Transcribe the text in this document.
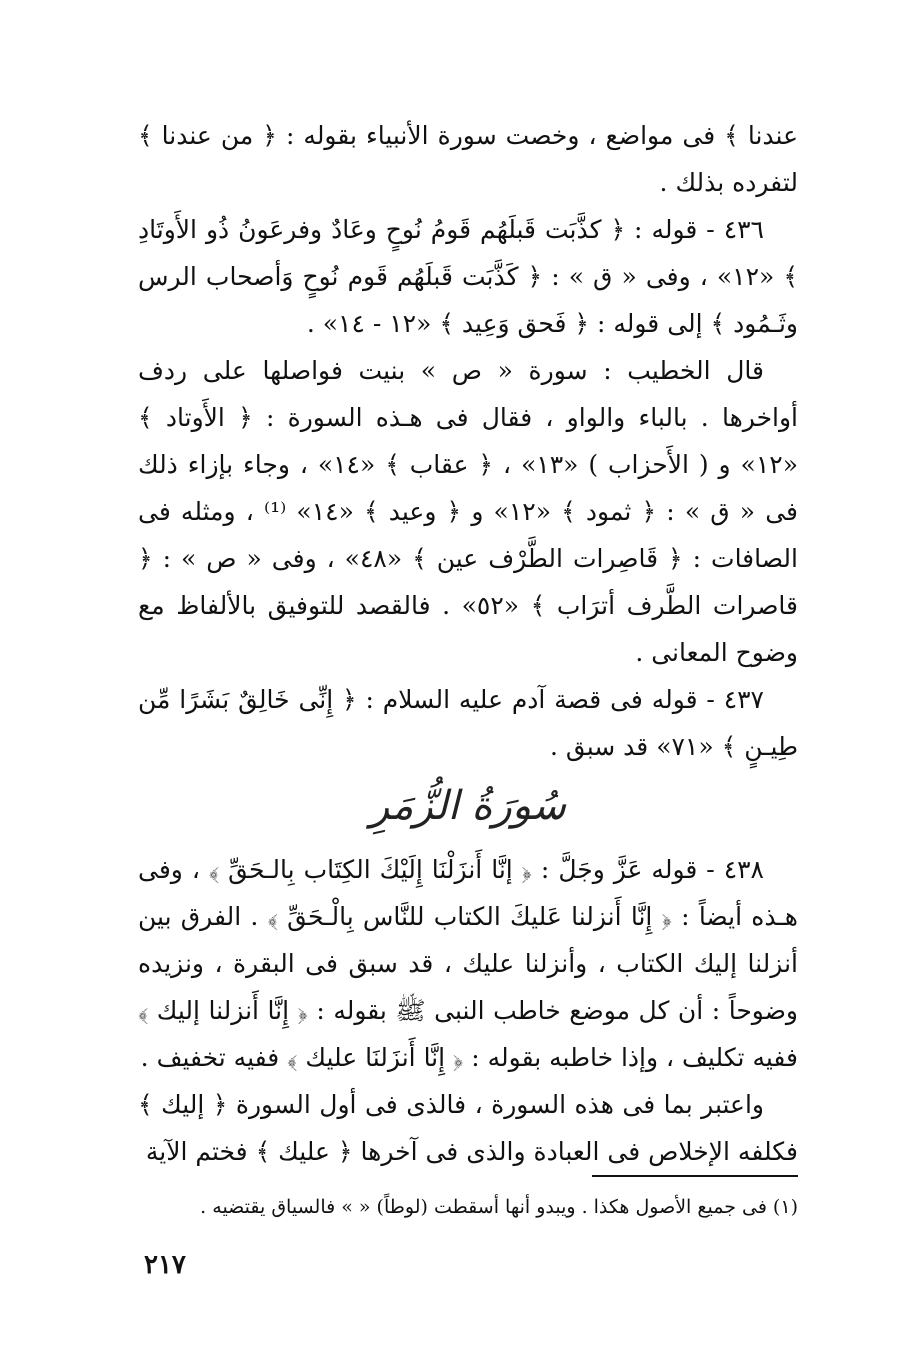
عندنا ﴾ فى مواضع ، وخصت سورة الأنبياء بقوله : ﴿ من عندنا ﴾ لتفرده بذلك .

٤٣٦ - قوله : ﴿ كذَّبَت قَبلَهُم قَومُ نُوحٍ وعَادٌ وفرعَونُ ذُو الأَوتَادِ ﴾ «١٢» ، وفى « ق » : ﴿ كَذَّبَت قَبلَهُم قَوم نُوحٍ وَأصحاب الرس وثَـمُود ﴾ إلى قوله : ﴿ فَحق وَعِيد ﴾ «١٢ - ١٤» .

قال الخطيب : سورة « ص » بنيت فواصلها على ردف أواخرها . بالباء والواو ، فقال فى هـذه السورة : ﴿ الأَوتاد ﴾ «١٢» و ( الأَحزاب ) «١٣» ، ﴿ عقاب ﴾ «١٤» ، وجاء بإزاء ذلك فى « ق » : ﴿ ثمود ﴾ «١٢» و ﴿ وعيد ﴾ «١٤» ⁽¹⁾ ، ومثله فى الصافات : ﴿ قَاصِرات الطَّرْف عين ﴾ «٤٨» ، وفى « ص » : ﴿ قاصرات الطَّرف أترَاب ﴾ «٥٢» . فالقصد للتوفيق بالألفاظ مع وضوح المعانى .

٤٣٧ - قوله فى قصة آدم عليه السلام : ﴿ إِنِّى خَالِقٌ بَشَرًا مِّن طِيـنٍ ﴾ «٧١» قد سبق .

سُورَةُ الزُّمَرِ

٤٣٨ - قوله عَزَّ وجَلَّ : ﴿ إنَّا أَنزَلْنَا إِلَيْكَ الكِتَاب بِالـحَقِّ ﴾ ، وفى هـذه أيضاً : ﴿ إِنَّا أَنزلنا عَليكَ الكتاب للنَّاس بِالْـحَقِّ ﴾ . الفرق بين أنزلنا إليك الكتاب ، وأنزلنا عليك ، قد سبق فى البقرة ، ونزيده وضوحاً : أن كل موضع خاطب النبى ﷺ بقوله : ﴿ إِنَّا أَنزلنا إليك ﴾ ففيه تكليف ، وإذا خاطبه بقوله : ﴿ إِنَّا أَنزَلنَا عليك ﴾ ففيه تخفيف .

واعتبر بما فى هذه السورة ، فالذى فى أول السورة ﴿ إليك ﴾ فكلفه الإخلاص فى العبادة والذى فى آخرها ﴿ عليك ﴾ فختم الآية

(١) فى جميع الأصول هكذا . ويبدو أنها أسقطت (لوطاً) « » فالسياق يقتضيه .
٢١٧
